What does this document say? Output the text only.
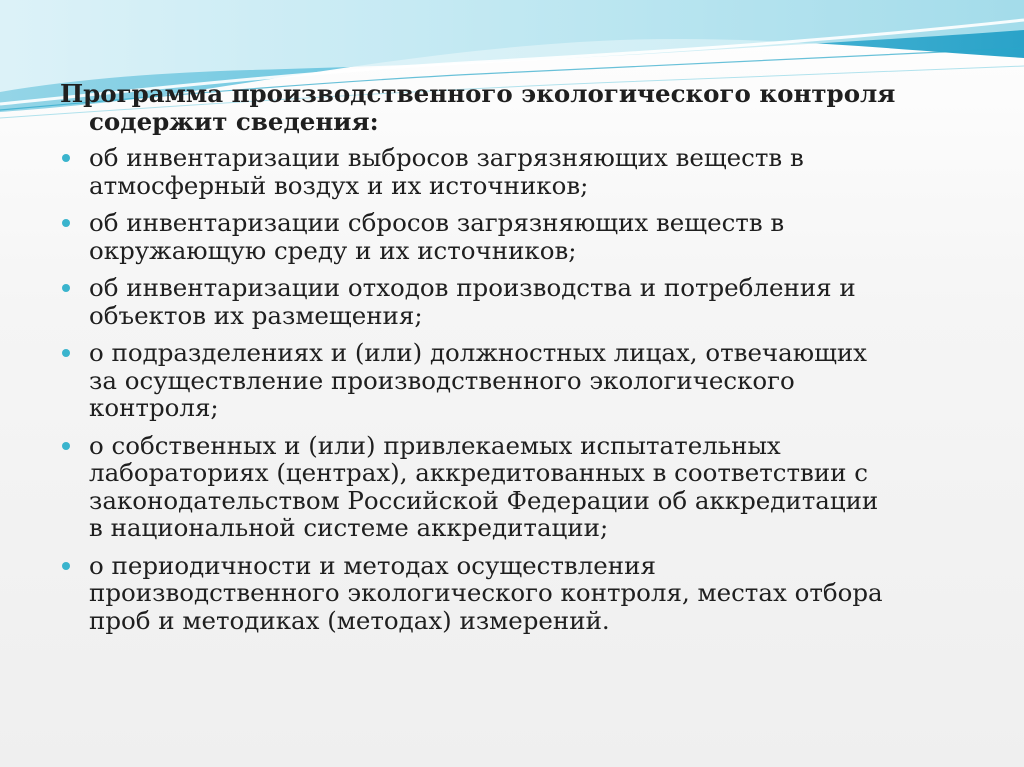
Программа производственного экологического контроля
содержит сведения:

об инвентаризации выбросов загрязняющих веществ в
атмосферный воздух и их источников;
об инвентаризации сбросов загрязняющих веществ в
окружающую среду и их источников;
об инвентаризации отходов производства и потребления и
объектов их размещения;
о подразделениях и (или) должностных лицах, отвечающих
за осуществление производственного экологического
контроля;
о собственных и (или) привлекаемых испытательных
лабораториях (центрах), аккредитованных в соответствии с
законодательством Российской Федерации об аккредитации
в национальной системе аккредитации;
о периодичности и методах осуществления
производственного экологического контроля, местах отбора
проб и методиках (методах) измерений.
